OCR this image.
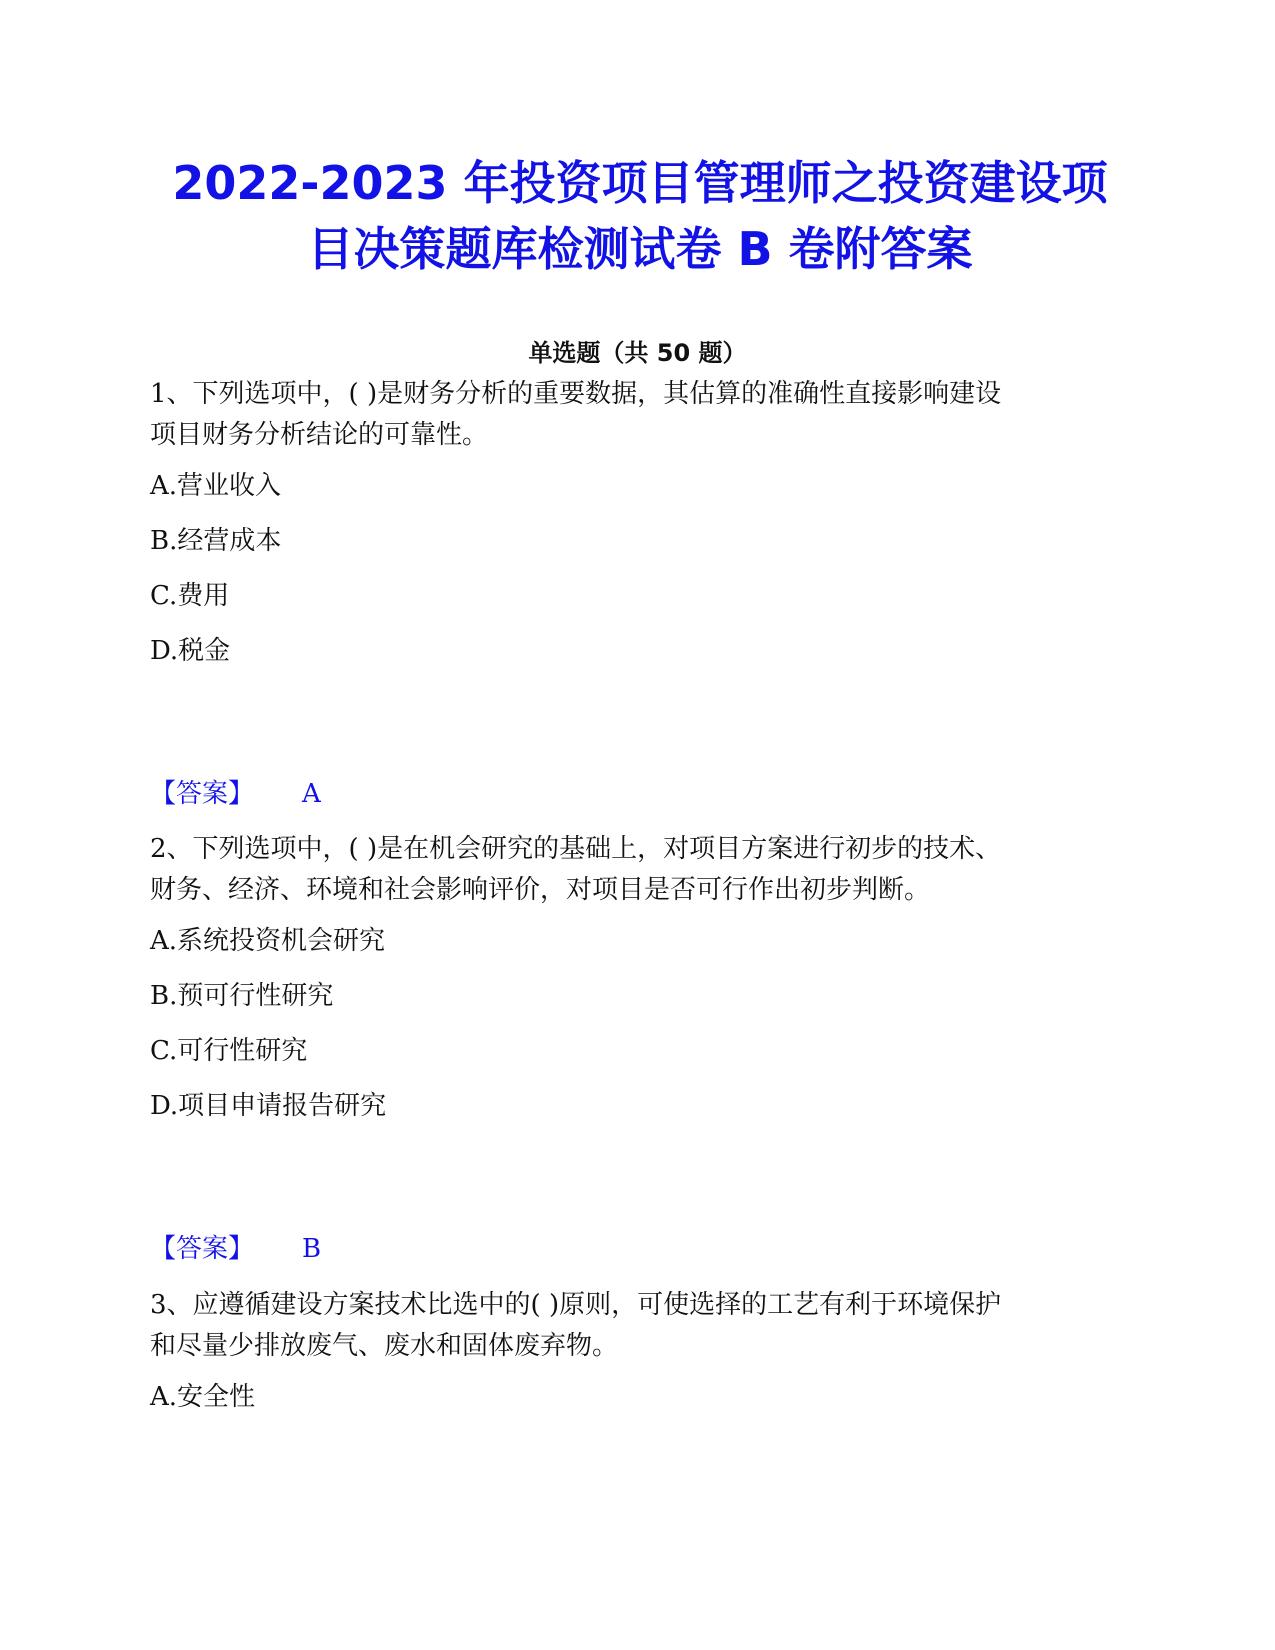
2022-2023 年投资项目管理师之投资建设项
目决策题库检测试卷 B 卷附答案
单选题（共 50 题）

1、下列选项中，( )是财务分析的重要数据，其估算的准确性直接影响建设
项目财务分析结论的可靠性。

A.营业收入
B.经营成本
C.费用
D.税金
【答案】 A

2、下列选项中，( )是在机会研究的基础上，对项目方案进行初步的技术、
财务、经济、环境和社会影响评价，对项目是否可行作出初步判断。

A.系统投资机会研究
B.预可行性研究
C.可行性研究
D.项目申请报告研究
【答案】 B

3、应遵循建设方案技术比选中的( )原则，可使选择的工艺有利于环境保护
和尽量少排放废气、废水和固体废弃物。

A.安全性
